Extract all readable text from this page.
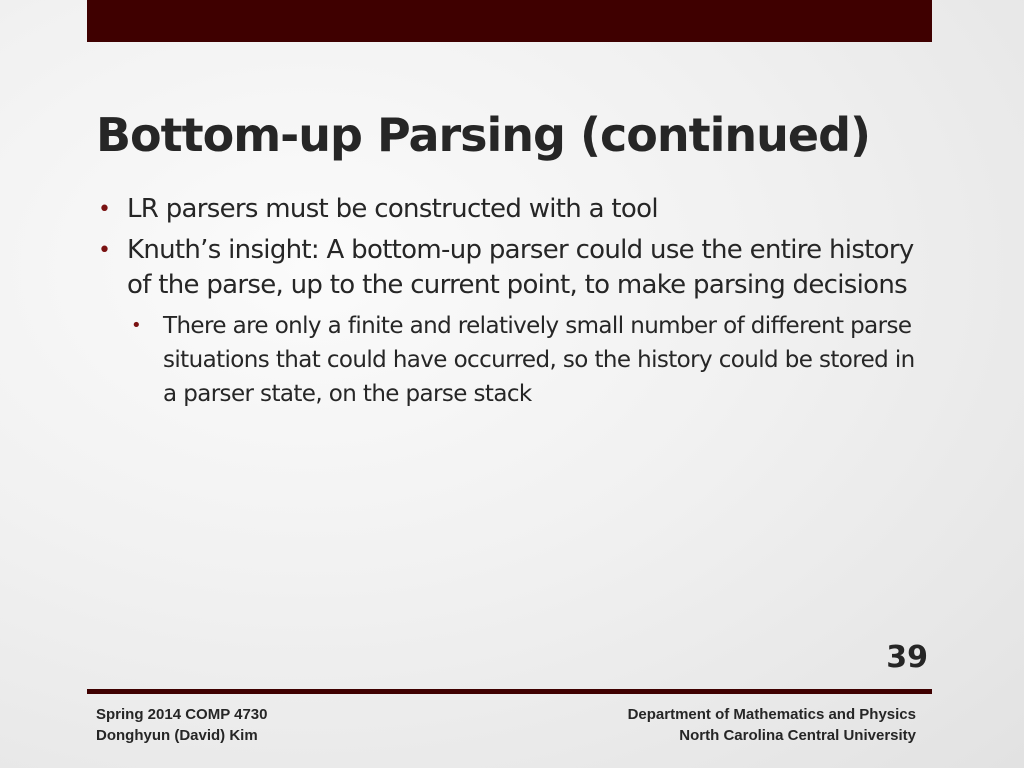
Bottom-up Parsing (continued)
• LR parsers must be constructed with a tool
• Knuth’s insight: A bottom-up parser could use the entire history of the parse, up to the current point, to make parsing decisions
• There are only a finite and relatively small number of different parse situations that could have occurred, so the history could be stored in a parser state, on the parse stack
39
Spring 2014 COMP 4730
Donghyun (David) Kim
Department of Mathematics and Physics
North Carolina Central University
